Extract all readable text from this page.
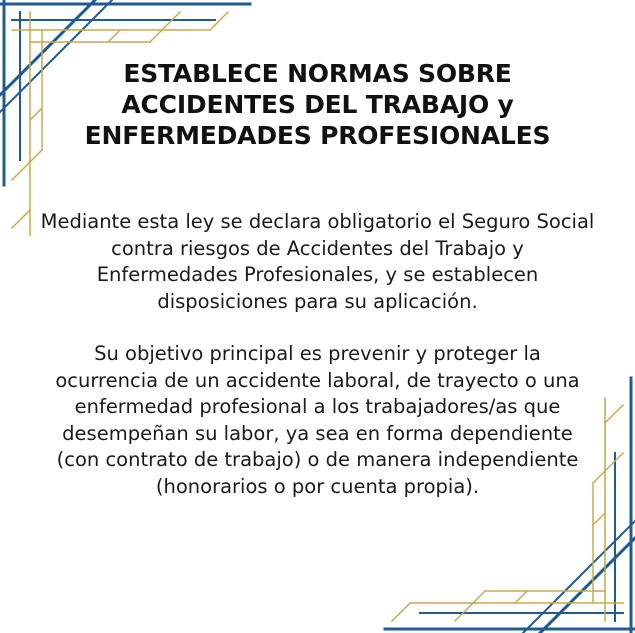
ESTABLECE NORMAS SOBRE ACCIDENTES DEL TRABAJO y ENFERMEDADES PROFESIONALES

Mediante esta ley se declara obligatorio el Seguro Social contra riesgos de Accidentes del Trabajo y Enfermedades Profesionales, y se establecen disposiciones para su aplicación.

Su objetivo principal es prevenir y proteger la ocurrencia de un accidente laboral, de trayecto o una enfermedad profesional a los trabajadores/as que desempeñan su labor, ya sea en forma dependiente (con contrato de trabajo) o de manera independiente (honorarios o por cuenta propia).
